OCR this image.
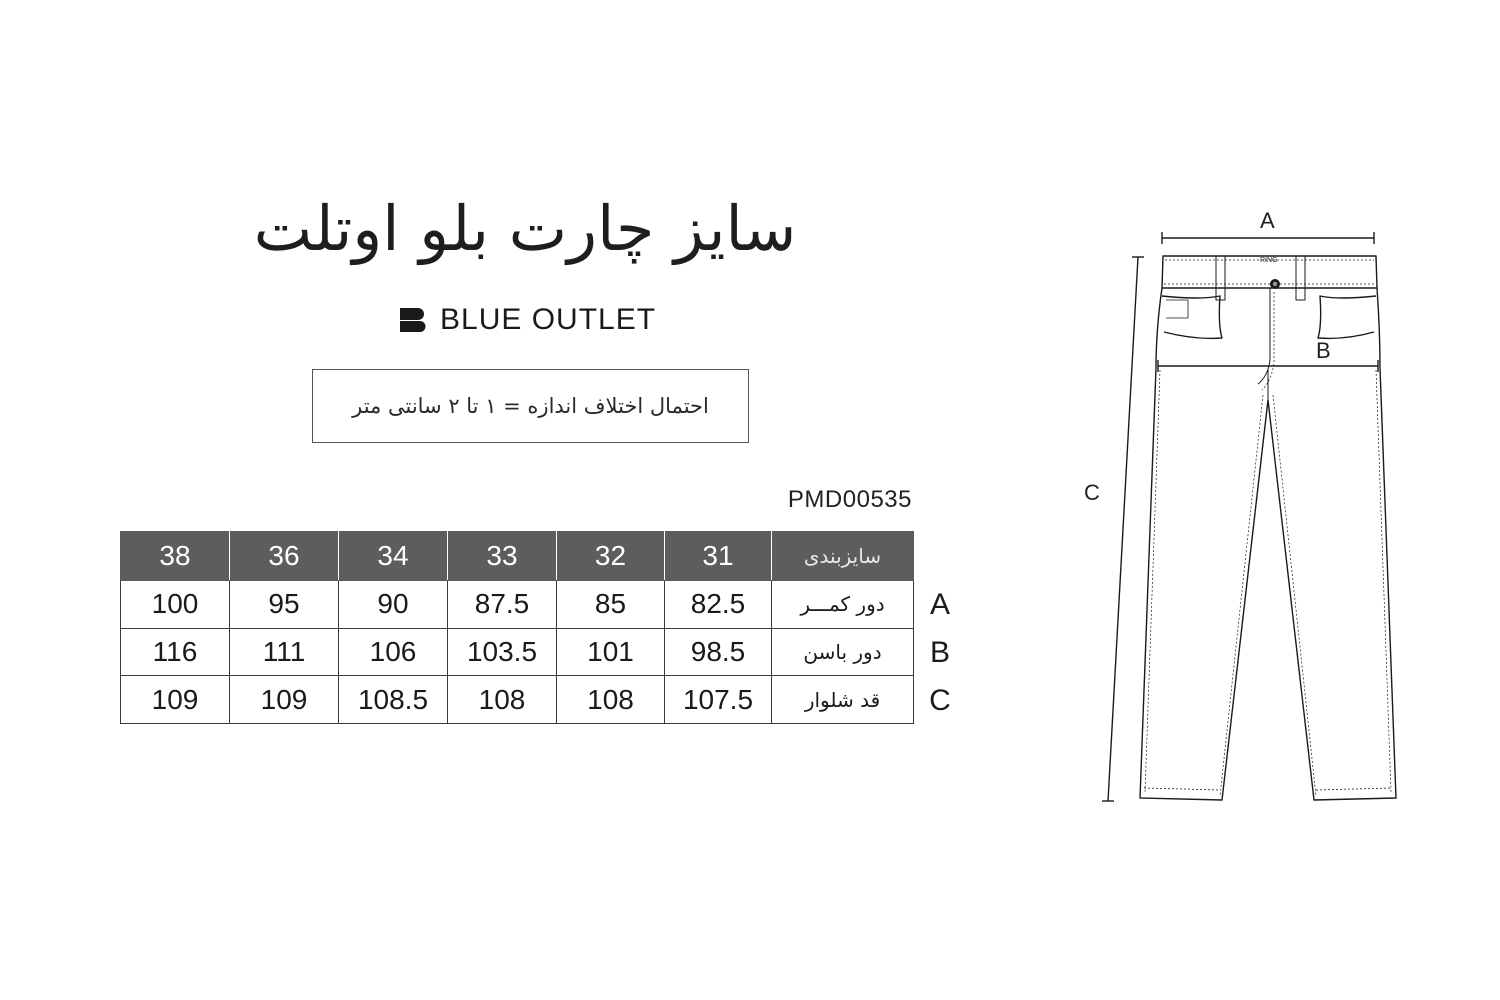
سایز چارت بلو اوتلت
BLUE OUTLET
احتمال اختلاف اندازه = ۱ تا ۲ سانتی متر
PMD00535
38	36	34	33	32	31	سایزبندی
100	95	90	87.5	85	82.5	دور کمـــر
116	111	106	103.5	101	98.5	دور باسن
109	109	108.5	108	108	107.5	قد شلوار
A
B
C
A
B
C
RING
